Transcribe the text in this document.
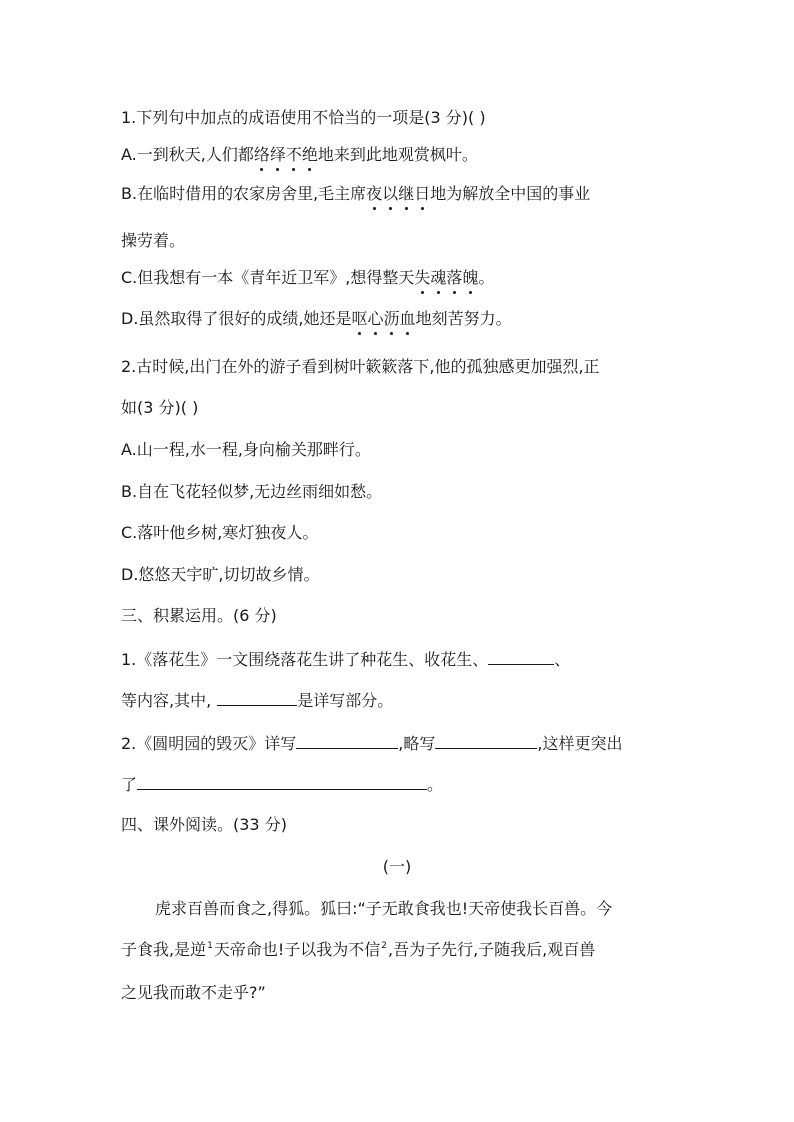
1.下列句中加点的成语使用不恰当的一项是(3 分)( )
A.一到秋天,人们都络绎不绝地来到此地观赏枫叶。
B.在临时借用的农家房舍里,毛主席夜以继日地为解放全中国的事业
操劳着。
C.但我想有一本《青年近卫军》,想得整天失魂落魄。
D.虽然取得了很好的成绩,她还是呕心沥血地刻苦努力。
2.古时候,出门在外的游子看到树叶簌簌落下,他的孤独感更加强烈,正
如(3 分)( )
A.山一程,水一程,身向榆关那畔行。
B.自在飞花轻似梦,无边丝雨细如愁。
C.落叶他乡树,寒灯独夜人。
D.悠悠天宇旷,切切故乡情。
三、积累运用。(6 分)
1.《落花生》一文围绕落花生讲了种花生、收花生、	、
等内容,其中,	是详写部分。
2.《圆明园的毁灭》详写	,略写	,这样更突出
了	。
四、课外阅读。(33 分)
(一)
虎求百兽而食之,得狐。狐曰:“子无敢食我也!天帝使我长百兽。今
子食我,是逆$^1$天帝命也!子以我为不信$^2$,吾为子先行,子随我后,观百兽
之见我而敢不走乎?”
